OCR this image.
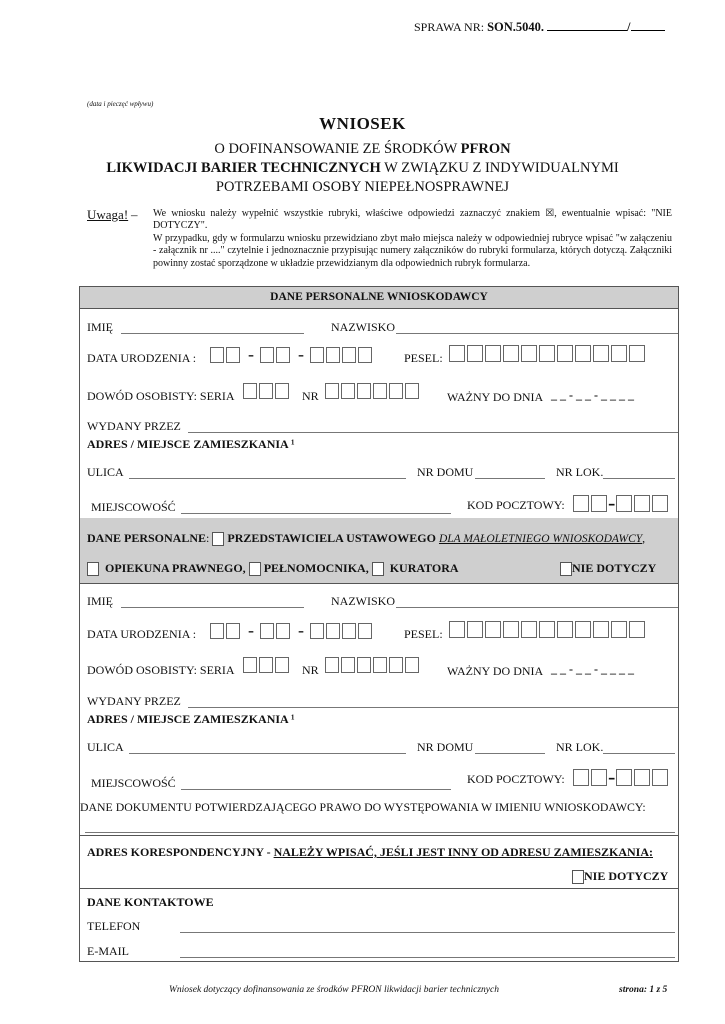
SPRAWA NR: SON.5040.	/
(data i pieczęć wpływu)
WNIOSEK
O DOFINANSOWANIE ZE ŚRODKÓW PFRON
LIKWIDACJI BARIER TECHNICZNYCH W ZWIĄZKU Z INDYWIDUALNYMI
POTRZEBAMI OSOBY NIEPEŁNOSPRAWNEJ
Uwaga! – We wniosku należy wypełnić wszystkie rubryki, właściwe odpowiedzi zaznaczyć znakiem ☒, ewentualnie wpisać: "NIE DOTYCZY".

W przypadku, gdy w formularzu wniosku przewidziano zbyt mało miejsca należy w odpowiedniej rubryce wpisać "w załączeniu - załącznik nr ...." czytelnie i jednoznacznie przypisując numery załączników do rubryki formularza, których dotyczą. Załączniki powinny zostać sporządzone w układzie przewidzianym dla odpowiednich rubryk formularza.

DANE PERSONALNE WNIOSKODAWCY
IMIĘ	NAZWISKO
DATA URODZENIA :	- -	PESEL:
DOWÓD OSOBISTY: SERIA	NR	WAŻNY DO DNIA _ _ - _ _ - _ _ _ _
WYDANY PRZEZ
ADRES / MIEJSCE ZAMIESZKANIA ¹
ULICA	NR DOMU	NR LOK.
MIEJSCOWOŚĆ	KOD POCZTOWY:	-
DANE PERSONALNE: PRZEDSTAWICIELA USTAWOWEGO DLA MAŁOLETNIEGO WNIOSKODAWCY,
OPIEKUNA PRAWNEGO, PEŁNOMOCNIKA, KURATORA	NIE DOTYCZY
IMIĘ	NAZWISKO
DATA URODZENIA :	- -	PESEL:
DOWÓD OSOBISTY: SERIA	NR	WAŻNY DO DNIA _ _ - _ _ - _ _ _ _
WYDANY PRZEZ
ADRES / MIEJSCE ZAMIESZKANIA ¹
ULICA	NR DOMU	NR LOK.
MIEJSCOWOŚĆ	KOD POCZTOWY:	-
DANE DOKUMENTU POTWIERDZAJĄCEGO PRAWO DO WYSTĘPOWANIA W IMIENIU WNIOSKODAWCY:
ADRES KORESPONDENCYJNY - NALEŻY WPISAĆ, JEŚLI JEST INNY OD ADRESU ZAMIESZKANIA:
NIE DOTYCZY
DANE KONTAKTOWE
TELEFON
E-MAIL
Wniosek dotyczący dofinansowania ze środków PFRON likwidacji barier technicznych	strona: 1 z 5
